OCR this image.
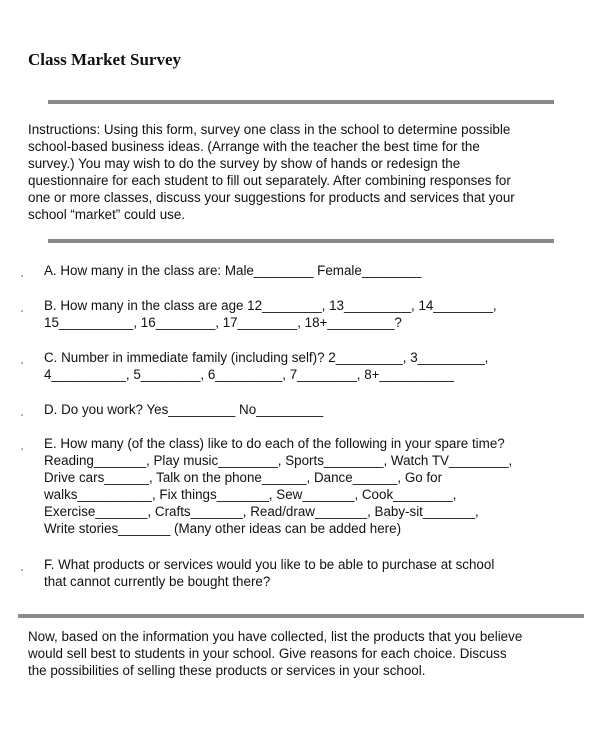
Class Market Survey
Instructions: Using this form, survey one class in the school to determine possible
school-based business ideas. (Arrange with the teacher the best time for the
survey.) You may wish to do the survey by show of hands or redesign the
questionnaire for each student to fill out separately. After combining responses for
one or more classes, discuss your suggestions for products and services that your
school “market” could use.
ˏ A. How many in the class are: Male________ Female________
ˏ B. How many in the class are age 12________, 13_________, 14________,
15__________, 16________, 17________, 18+_________?
ˏ C. Number in immediate family (including self)? 2_________, 3_________,
4__________, 5________, 6_________, 7________, 8+__________
ˏ D. Do you work? Yes_________ No_________
ˏ E. How many (of the class) like to do each of the following in your spare time?
Reading_______, Play music________, Sports________, Watch TV________,
Drive cars______, Talk on the phone______, Dance______, Go for
walks__________, Fix things_______, Sew_______, Cook________,
Exercise_______, Crafts_______, Read/draw_______, Baby-sit_______,
Write stories_______ (Many other ideas can be added here)
ˏ F. What products or services would you like to be able to purchase at school
that cannot currently be bought there?
Now, based on the information you have collected, list the products that you believe
would sell best to students in your school. Give reasons for each choice. Discuss
the possibilities of selling these products or services in your school.
